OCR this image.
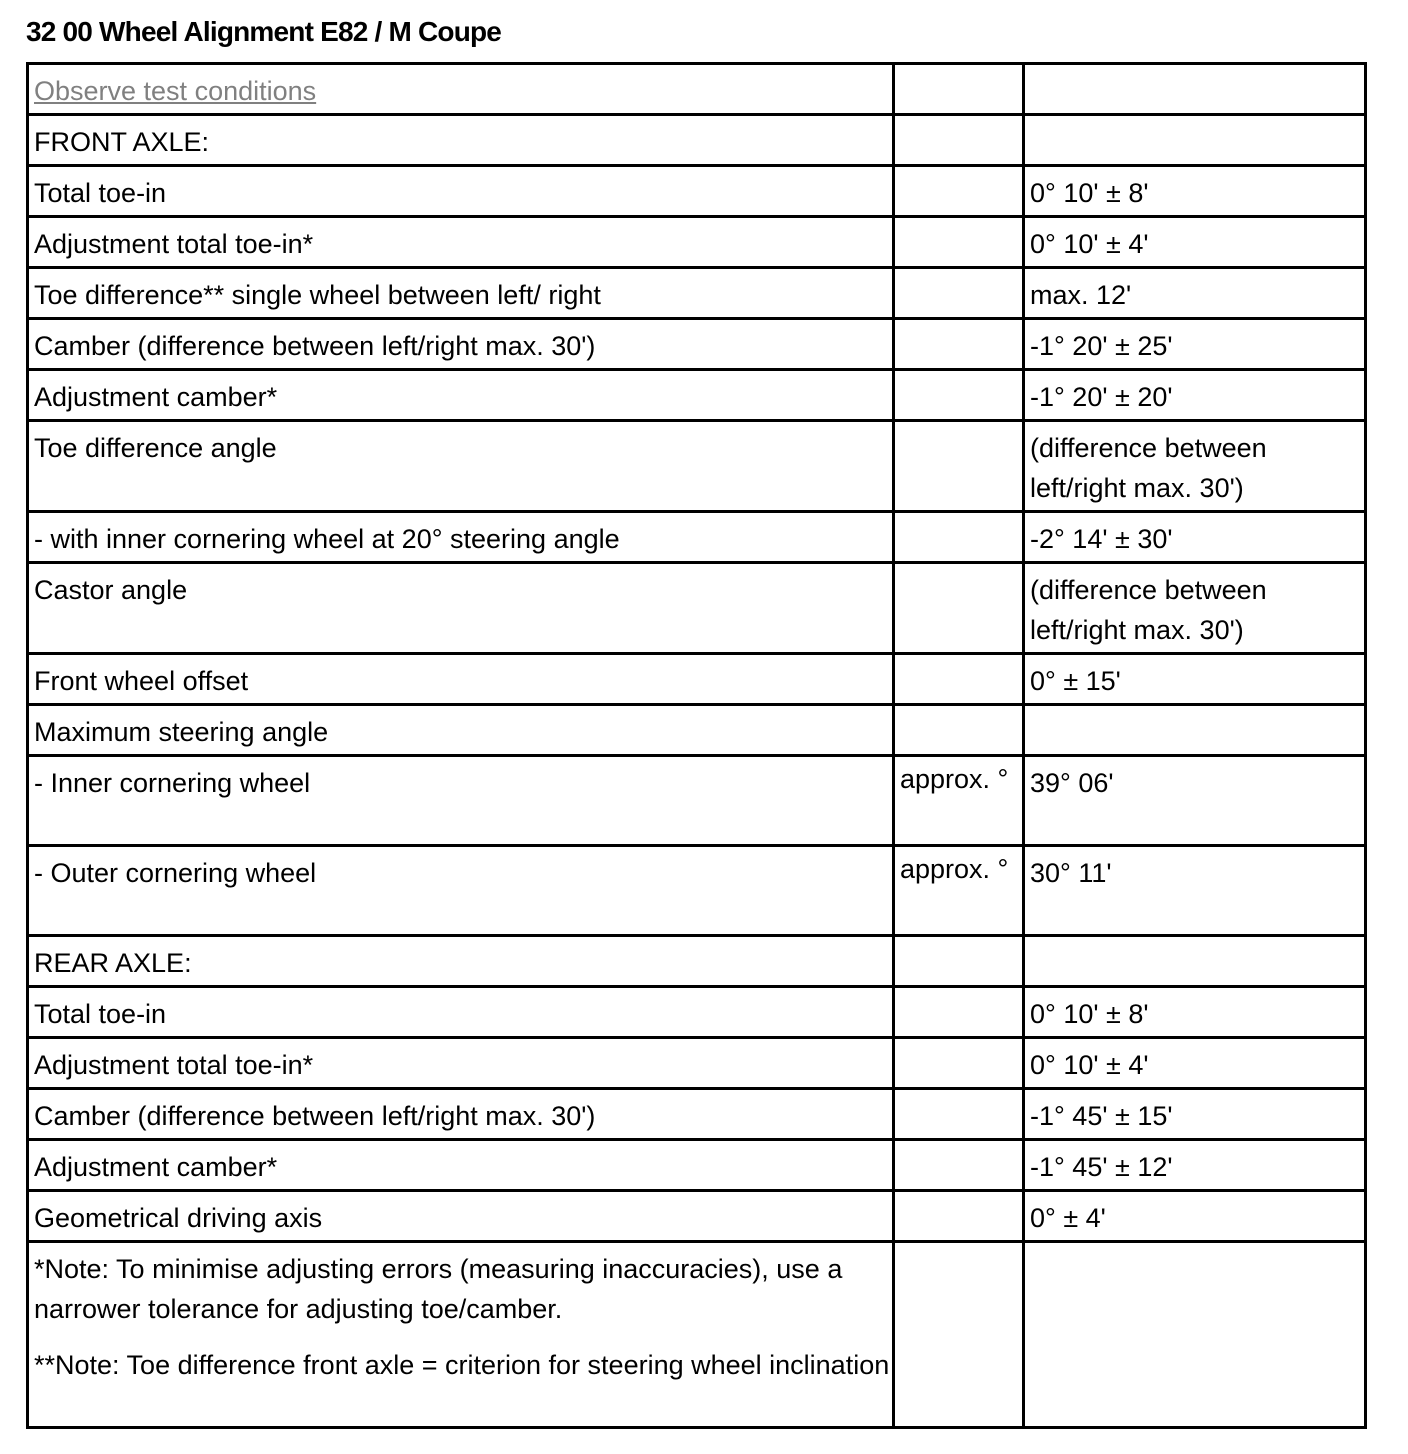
32 00 Wheel Alignment E82 / M Coupe
Observe test conditions		
FRONT AXLE:		
Total toe-in		0° 10' ± 8'
Adjustment total toe-in*		0° 10' ± 4'
Toe difference** single wheel between left/ right		max. 12'
Camber (difference between left/right max. 30')		-1° 20' ± 25'
Adjustment camber*		-1° 20' ± 20'
Toe difference angle		(difference between left/right max. 30')
- with inner cornering wheel at 20° steering angle		-2° 14' ± 30'
Castor angle		(difference between left/right max. 30')
Front wheel offset		0° ± 15'
Maximum steering angle		
- Inner cornering wheel	approx. °	39° 06'
- Outer cornering wheel	approx. °	30° 11'
REAR AXLE:		
Total toe-in		0° 10' ± 8'
Adjustment total toe-in*		0° 10' ± 4'
Camber (difference between left/right max. 30')		-1° 45' ± 15'
Adjustment camber*		-1° 45' ± 12'
Geometrical driving axis		0° ± 4'

*Note: To minimise adjusting errors (measuring inaccuracies), use a narrower tolerance for adjusting toe/camber.
**Note: Toe difference front axle = criterion for steering wheel inclination		
